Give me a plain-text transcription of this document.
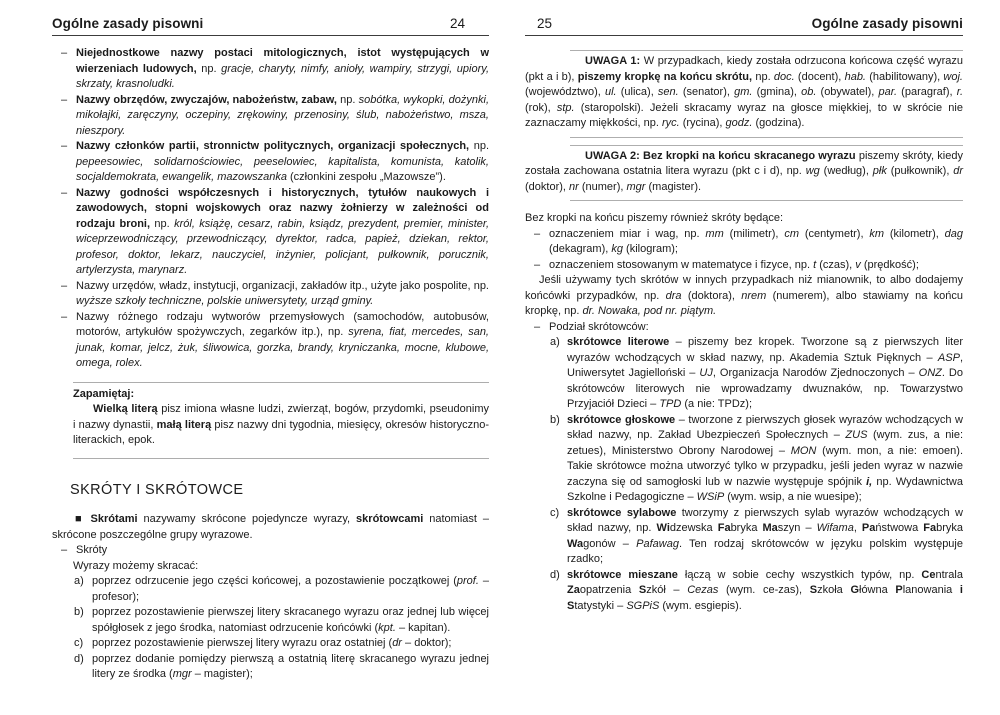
Ogólne zasady pisowni	24
– Niejednostkowe nazwy postaci mitologicznych, istot występujących w wierzeniach ludowych, np. gracje, charyty, nimfy, anioły, wampiry, strzygi, upiory, skrzaty, krasnoludki.
– Nazwy obrzędów, zwyczajów, nabożeństw, zabaw, np. sobótka, wykopki, dożynki, mikołajki, zaręczyny, oczepiny, zrękowiny, przenosiny, ślub, nabożeństwo, msza, nieszpory.
– Nazwy członków partii, stronnictw politycznych, organizacji społecznych, np. pepeesowiec, solidarnościowiec, peeselowiec, kapitalista, komunista, katolik, socjaldemokrata, ewangelik, mazowszanka (członkini zespołu „Mazowsze”).
– Nazwy godności współczesnych i historycznych, tytułów naukowych i zawodowych, stopni wojskowych oraz nazwy żołnierzy w zależności od rodzaju broni, np. król, książę, cesarz, rabin, ksiądz, prezydent, premier, minister, wiceprzewodniczący, przewodniczący, dyrektor, radca, papież, dziekan, rektor, profesor, doktor, lekarz, nauczyciel, inżynier, policjant, pułkownik, porucznik, artylerzysta, marynarz.
– Nazwy urzędów, władz, instytucji, organizacji, zakładów itp., użyte jako pospolite, np. wyższe szkoły techniczne, polskie uniwersytety, urząd gminy.
– Nazwy różnego rodzaju wytworów przemysłowych (samochodów, autobusów, motorów, artykułów spożywczych, zegarków itp.), np. syrena, fiat, mercedes, san, junak, komar, jelcz, żuk, śliwowica, gorzka, brandy, kryniczanka, mocne, klubowe, omega, rolex.
Zapamiętaj:

Wielką literą pisz imiona własne ludzi, zwierząt, bogów, przydomki, pseudonimy i nazwy dynastii, małą literą pisz nazwy dni tygodnia, miesięcy, okresów historyczno-literackich, epok.

SKRÓTY I SKRÓTOWCE

■ Skrótami nazywamy skrócone pojedyncze wyrazy, skrótowcami natomiast – skrócone poszczególne grupy wyrazowe.

– Skróty

Wyrazy możemy skracać:

a) poprzez odrzucenie jego części końcowej, a pozostawienie początkowej (prof. – profesor);
b) poprzez pozostawienie pierwszej litery skracanego wyrazu oraz jednej lub więcej spółgłosek z jego środka, natomiast odrzucenie końcówki (kpt. – kapitan).
c) poprzez pozostawienie pierwszej litery wyrazu oraz ostatniej (dr – doktor);
d) poprzez dodanie pomiędzy pierwszą a ostatnią literę skracanego wyrazu jednej litery ze środka (mgr – magister);
25	Ogólne zasady pisowni

UWAGA 1: W przypadkach, kiedy została odrzucona końcowa część wyrazu (pkt a i b), piszemy kropkę na końcu skrótu, np. doc. (docent), hab. (habilitowany), woj. (województwo), ul. (ulica), sen. (senator), gm. (gmina), ob. (obywatel), par. (paragraf), r. (rok), stp. (staropolski). Jeżeli skracamy wyraz na głosce miękkiej, to w skrócie nie zaznaczamy miękkości, np. ryc. (rycina), godz. (godzina).

UWAGA 2: Bez kropki na końcu skracanego wyrazu piszemy skróty, kiedy została zachowana ostatnia litera wyrazu (pkt c i d), np. wg (według), płk (pułkownik), dr (doktor), nr (numer), mgr (magister).

Bez kropki na końcu piszemy również skróty będące:

– oznaczeniem miar i wag, np. mm (milimetr), cm (centymetr), km (kilometr), dag (dekagram), kg (kilogram);
– oznaczeniem stosowanym w matematyce i fizyce, np. t (czas), v (prędkość);

Jeśli używamy tych skrótów w innych przypadkach niż mianownik, to albo dodajemy końcówki przypadków, np. dra (doktora), nrem (numerem), albo stawiamy na końcu kropkę, np. dr. Nowaka, pod nr. piątym.

– Podział skrótowców:
a) skrótowce literowe – piszemy bez kropek. Tworzone są z pierwszych liter wyrazów wchodzących w skład nazwy, np. Akademia Sztuk Pięknych – ASP, Uniwersytet Jagielloński – UJ, Organizacja Narodów Zjednoczonych – ONZ. Do skrótowców literowych nie wprowadzamy dwuznaków, np. Towarzystwo Przyjaciół Dzieci – TPD (a nie: TPDz);
b) skrótowce głoskowe – tworzone z pierwszych głosek wyrazów wchodzących w skład nazwy, np. Zakład Ubezpieczeń Społecznych – ZUS (wym. zus, a nie: zetues), Ministerstwo Obrony Narodowej – MON (wym. mon, a nie: emoen). Takie skrótowce można utworzyć tylko w przypadku, jeśli jeden wyraz w nazwie zaczyna się od samogłoski lub w nazwie występuje spójnik i, np. Wydawnictwa Szkolne i Pedagogiczne – WSiP (wym. wsip, a nie wuesipe);
c) skrótowce sylabowe tworzymy z pierwszych sylab wyrazów wchodzących w skład nazwy, np. Widzewska Fabryka Maszyn – Wifama, Państwowa Fabryka Wagonów – Pafawag. Ten rodzaj skrótowców w języku polskim występuje rzadko;
d) skrótowce mieszane łączą w sobie cechy wszystkich typów, np. Centrala Zaopatrzenia Szkół – Cezas (wym. ce-zas), Szkoła Główna Planowania i Statystyki – SGPiS (wym. esgiepis).
